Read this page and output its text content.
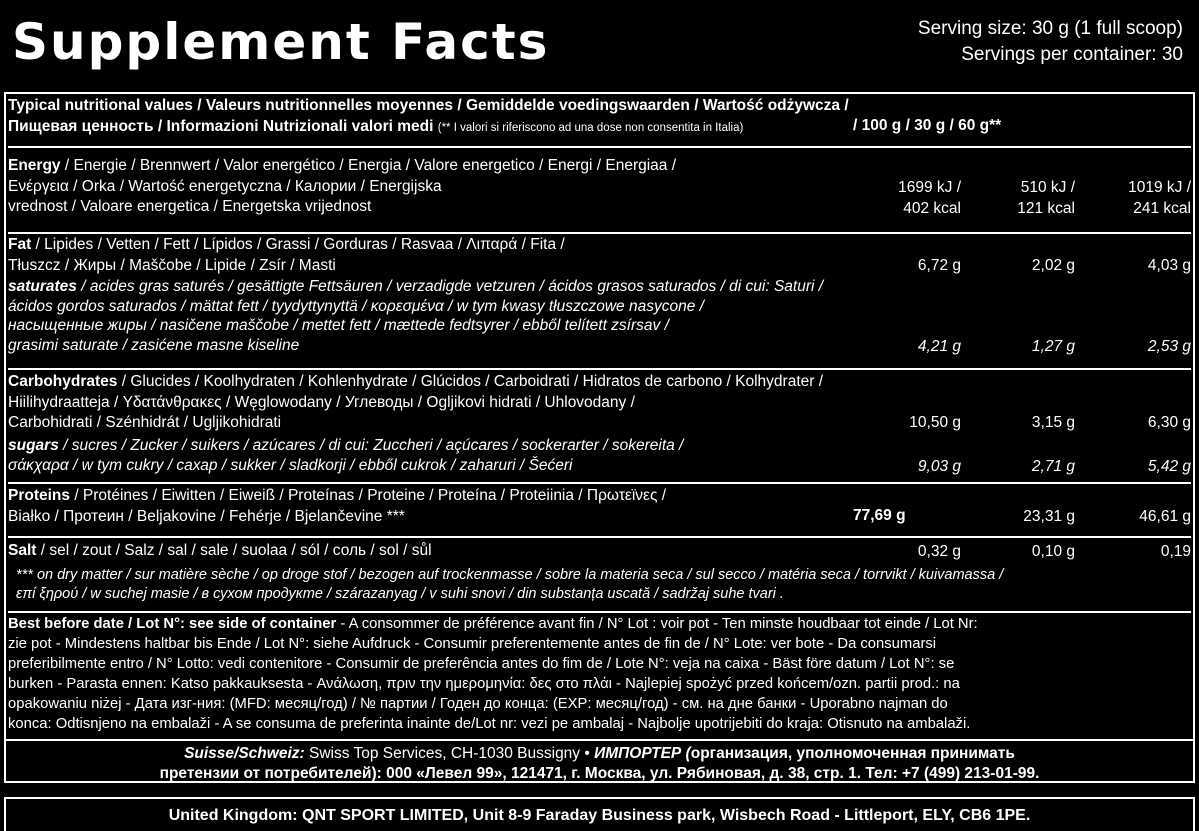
Supplement Facts	Serving size: 30 g (1 full scoop)
Servings per container: 30
Typical nutritional values / Valeurs nutritionnelles moyennes / Gemiddelde voedingswaarden / Wartość odżywcza /
Пищевая ценность / Informazioni Nutrizionali valori medi (** I valori si riferiscono ad una dose non consentita in Italia)	/ 100 g / 30 g / 60 g**
Energy / Energie / Brennwert / Valor energético / Energia / Valore energetico / Energi / Energiaa /
Ενέργεια / Orka / Wartość energetyczna / Калории / Energijska
vrednost / Valoare energetica / Energetska vrijednost
1699 kJ /	510 kJ /	1019 kJ /
402 kcal	121 kcal	241 kcal
Fat / Lipides / Vetten / Fett / Lípidos / Grassi / Gorduras / Rasvaa / Λιπαρά / Fita /
Tłuszcz / Жиры / Maščobe / Lipide / Zsír / Masti	6,72 g	2,02 g	4,03 g
saturates / acides gras saturés / gesättigte Fettsäuren / verzadigde vetzuren / ácidos grasos saturados / di cui: Saturi /
ácidos gordos saturados / mättat fett / tyydyttynyttä / κορεσμένα / w tym kwasy tłuszczowe nasycone /
насыщенные жиры / nasičene maščobe / mettet fett / mættede fedtsyrer / ebből telített zsírsav /
grasimi saturate / zasićene masne kiseline	4,21 g	1,27 g	2,53 g
Carbohydrates / Glucides / Koolhydraten / Kohlenhydrate / Glúcidos / Carboidrati / Hidratos de carbono / Kolhydrater /
Hiilihydraatteja / Υδατάνθρακες / Węglowodany / Углеводы / Ogljikovi hidrati / Uhlovodany /
Carbohidrati / Szénhidrát / Ugljikohidrati	10,50 g	3,15 g	6,30 g
sugars / sucres / Zucker / suikers / azúcares / di cui: Zuccheri / açúcares / sockerarter / sokereita /
σάκχαρα / w tym cukry / сахар / sukker / sladkorji / ebből cukrok / zaharuri / Šećeri	9,03 g	2,71 g	5,42 g
Proteins / Protéines / Eiwitten / Eiweiß / Proteínas / Proteine / Proteína / Proteiinia / Πρωτεϊνες /
Białko / Протеин / Beljakovine / Fehérje / Bjelančevine ***	77,69 g	23,31 g	46,61 g
Salt / sel / zout / Salz / sal / sale / suolaa / sól / соль / sol / sůl	0,32 g	0,10 g	0,19
*** on dry matter / sur matière sèche / op droge stof / bezogen auf trockenmasse / sobre la materia seca / sul secco / matéria seca / torrvikt / kuivamassa /
επί ξηρού / w suchej masie / в сухом продукте / szárazanyag / v suhi snovi / din substanța uscată / sadržaj suhe tvari .
Best before date / Lot N°: see side of container - A consommer de préférence avant fin / N° Lot : voir pot - Ten minste houdbaar tot einde / Lot Nr:
zie pot - Mindestens haltbar bis Ende / Lot N°: siehe Aufdruck - Consumir preferentemente antes de fin de / N° Lote: ver bote - Da consumarsi
preferibilmente entro / N° Lotto: vedi contenitore - Consumir de preferência antes do fim de / Lote N°: veja na caixa - Bäst före datum / Lot N°: se
burken - Parasta ennen: Katso pakkauksesta - Ανάλωση, πριν την ημερομηνία: δες στο πλάι - Najlepiej spożyć przed końcem/ozn. partii prod.: na
opakowaniu niżej - Дата изг-ния: (MFD: месяц/год) / № партии / Годен до конца: (EXP: месяц/год) - см. на дне банки - Uporabno najman do
konca: Odtisnjeno na embalaži - A se consuma de preferinta inainte de/Lot nr: vezi pe ambalaj - Najbolje upotrijebiti do kraja: Otisnuto na ambalaži.
Suisse/Schweiz: Swiss Top Services, CH-1030 Bussigny • ИМПОРТЕР (организация, уполномоченная принимать
претензии от потребителей): 000 «Левел 99», 121471, г. Москва, ул. Рябиновая, д. 38, стр. 1. Тел: +7 (499) 213-01-99.
United Kingdom: QNT SPORT LIMITED, Unit 8-9 Faraday Business park, Wisbech Road - Littleport, ELY, CB6 1PE.
